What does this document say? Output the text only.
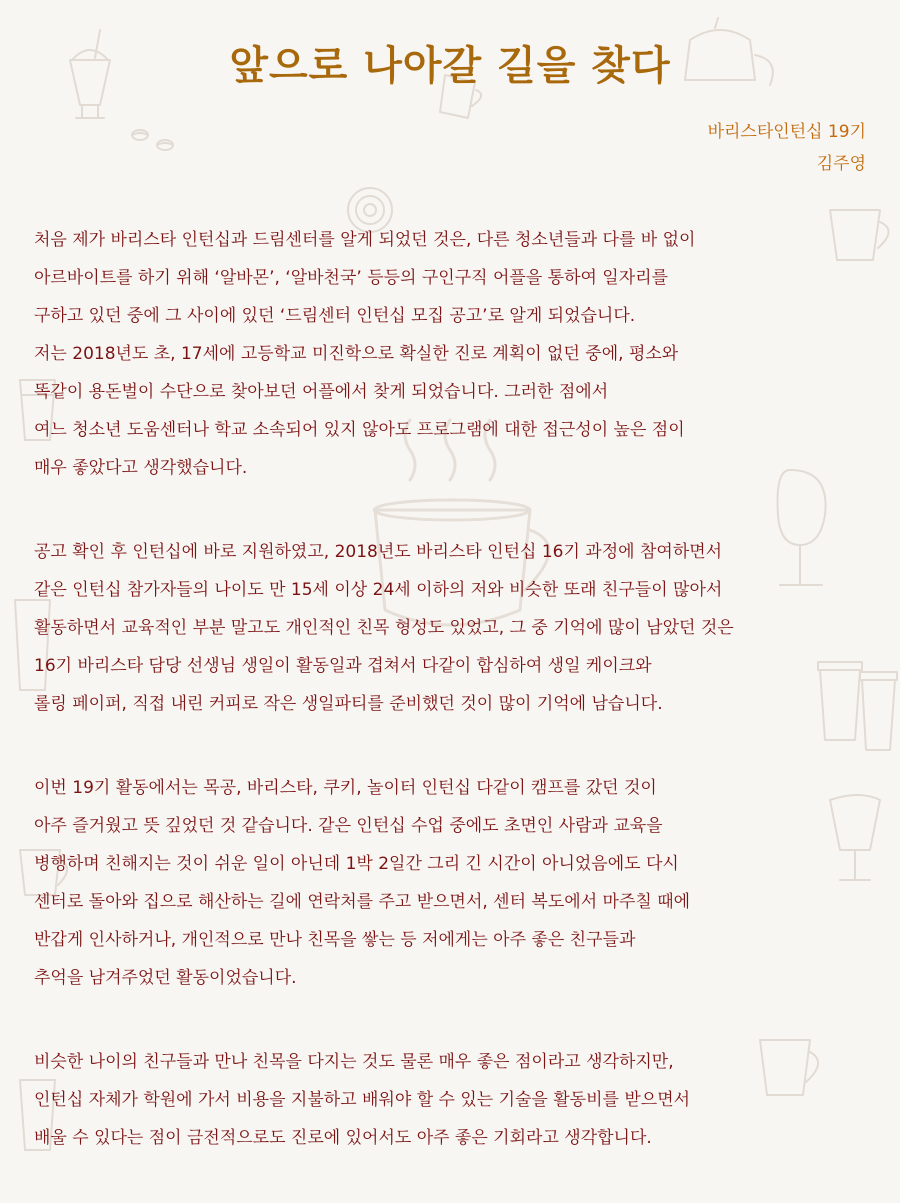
앞으로 나아갈 길을 찾다
바리스타인턴십 19기
김주영
처음 제가 바리스타 인턴십과 드림센터를 알게 되었던 것은, 다른 청소년들과 다를 바 없이
아르바이트를 하기 위해 ‘알바몬’, ‘알바천국’ 등등의 구인구직 어플을 통하여 일자리를
구하고 있던 중에 그 사이에 있던 ‘드림센터 인턴십 모집 공고’로 알게 되었습니다.
저는 2018년도 초, 17세에 고등학교 미진학으로 확실한 진로 계획이 없던 중에, 평소와
똑같이 용돈벌이 수단으로 찾아보던 어플에서 찾게 되었습니다. 그러한 점에서
여느 청소년 도움센터나 학교 소속되어 있지 않아도 프로그램에 대한 접근성이 높은 점이
매우 좋았다고 생각했습니다.
공고 확인 후 인턴십에 바로 지원하였고, 2018년도 바리스타 인턴십 16기 과정에 참여하면서
같은 인턴십 참가자들의 나이도 만 15세 이상 24세 이하의 저와 비슷한 또래 친구들이 많아서
활동하면서 교육적인 부분 말고도 개인적인 친목 형성도 있었고, 그 중 기억에 많이 남았던 것은
16기 바리스타 담당 선생님 생일이 활동일과 겹쳐서 다같이 합심하여 생일 케이크와
롤링 페이퍼, 직접 내린 커피로 작은 생일파티를 준비했던 것이 많이 기억에 남습니다.
이번 19기 활동에서는 목공, 바리스타, 쿠키, 놀이터 인턴십 다같이 캠프를 갔던 것이
아주 즐거웠고 뜻 깊었던 것 같습니다. 같은 인턴십 수업 중에도 초면인 사람과 교육을
병행하며 친해지는 것이 쉬운 일이 아닌데 1박 2일간 그리 긴 시간이 아니었음에도 다시
센터로 돌아와 집으로 해산하는 길에 연락처를 주고 받으면서, 센터 복도에서 마주칠 때에
반갑게 인사하거나, 개인적으로 만나 친목을 쌓는 등 저에게는 아주 좋은 친구들과
추억을 남겨주었던 활동이었습니다.
비슷한 나이의 친구들과 만나 친목을 다지는 것도 물론 매우 좋은 점이라고 생각하지만,
인턴십 자체가 학원에 가서 비용을 지불하고 배워야 할 수 있는 기술을 활동비를 받으면서
배울 수 있다는 점이 금전적으로도 진로에 있어서도 아주 좋은 기회라고 생각합니다.
